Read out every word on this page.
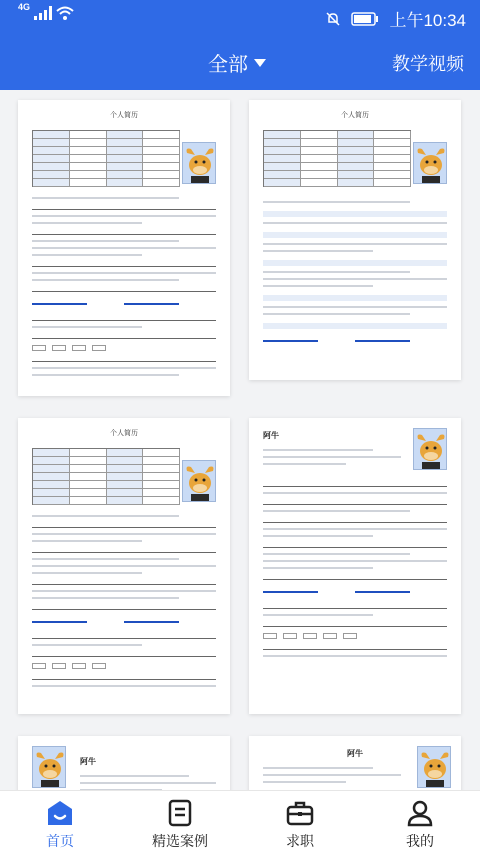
4G
上午10:34
全部	教学视频
个人简历	个人简历
个人简历	阿牛
阿牛
阿牛
首页	精选案例	求职	我的
